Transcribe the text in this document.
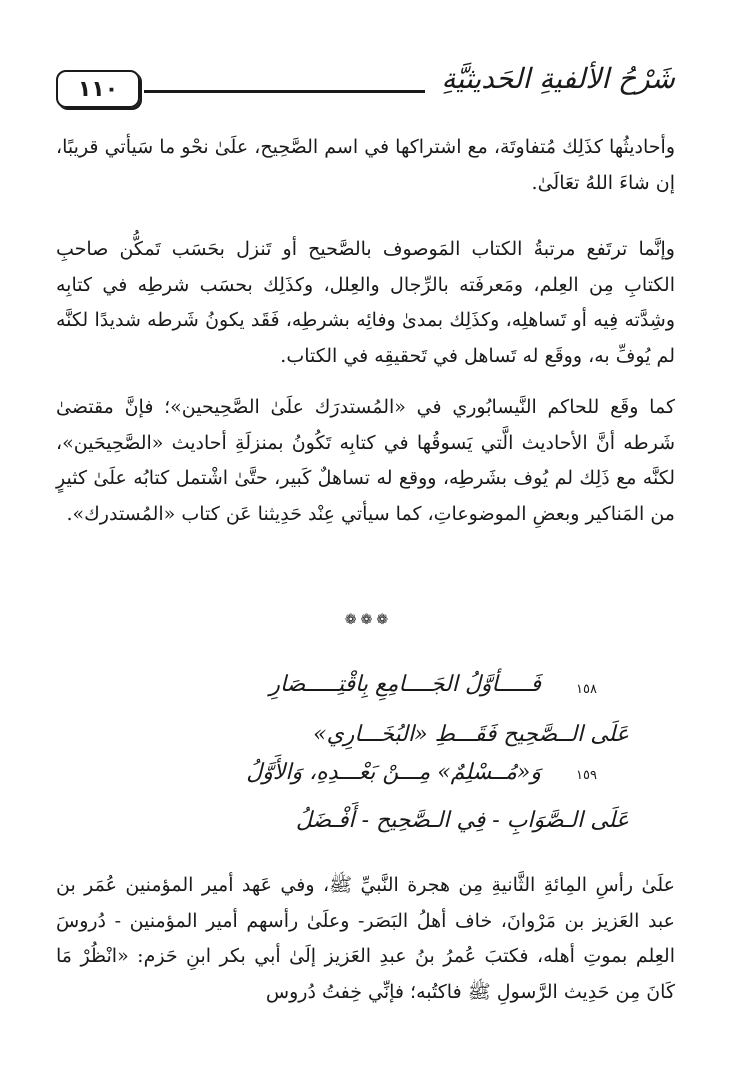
١١٠	شَرْحُ الألفيةِ الحَديثيَّةِ

وأحاديثُها كذَلِك مُتفاوتَة، مع اشتراكها في اسم الصَّحِيح، علَىٰ نحْو ما سَيأتي قريبًا، إن شاءَ اللهُ تعَالَىٰ.

وإنَّما ترتَفع مرتبةُ الكتاب المَوصوف بالصَّحيح أو تَنزل بحَسَب تَمكُّن صاحبِ الكتابِ مِن العِلم، ومَعرفَته بالرِّجال والعِلل، وكذَلِك بحسَب شرطِه في كتابِه وشِدَّته فِيه أو تَساهلِه، وكذَلِك بمدىٰ وفائِه بشرطِه، فَقَد يكونُ شَرطه شديدًا لكنَّه لم يُوفِّ به، ووقَع له تَساهل في تَحقيقِه في الكتاب.

كما وقَع للحاكم النَّيسابُوري في «المُستدرَك علَىٰ الصَّحِيحين»؛ فإنَّ مقتضىٰ شَرطه أنَّ الأحاديث الَّتي يَسوقُها في كتابِه تَكُونُ بمنزلَةِ أحاديث «الصَّحِيحَين»، لكنَّه مع ذَلِك لم يُوف بشَرطِه، ووقع له تساهلٌ كَبير، حتَّىٰ اشْتمل كتابُه علَىٰ كثيرٍ من المَناكير وبعضِ الموضوعاتِ، كما سيأتي عِنْد حَدِيثنا عَن كتاب «المُستدرك».

❁❁❁
١٥٨
فَـــــأوَّلُ الجَــــامِعِ بِاقْتِـــــصَارِ
عَلَى الــصَّحِيح فَقَـــطِ «البُخَـــارِي»
١٥٩
وَ«مُــسْلِمٌ» مِـــنْ بَعْـــدِهِ، وَالأَوَّلُ
عَلَى الـصَّوَابِ - فِي الـصَّحِيح - أَفْـضَلُ

علَىٰ رأسِ المِائةِ الثَّانيةِ مِن هجرة النَّبيِّ ﷺ، وفي عَهد أمير المؤمنين عُمَر بن عبد العَزيز بن مَرْوانَ، خاف أهلُ البَصَر- وعلَىٰ رأسهم أمير المؤمنين - دُروسَ العِلم بموتِ أهله، فكتبَ عُمرُ بنُ عبدِ العَزيز إلَىٰ أبي بكر ابنِ حَزم: «انْظُرْ مَا كَانَ مِن حَدِيث الرَّسولِ ﷺ فاكتُبه؛ فإنِّي خِفتُ دُروس
